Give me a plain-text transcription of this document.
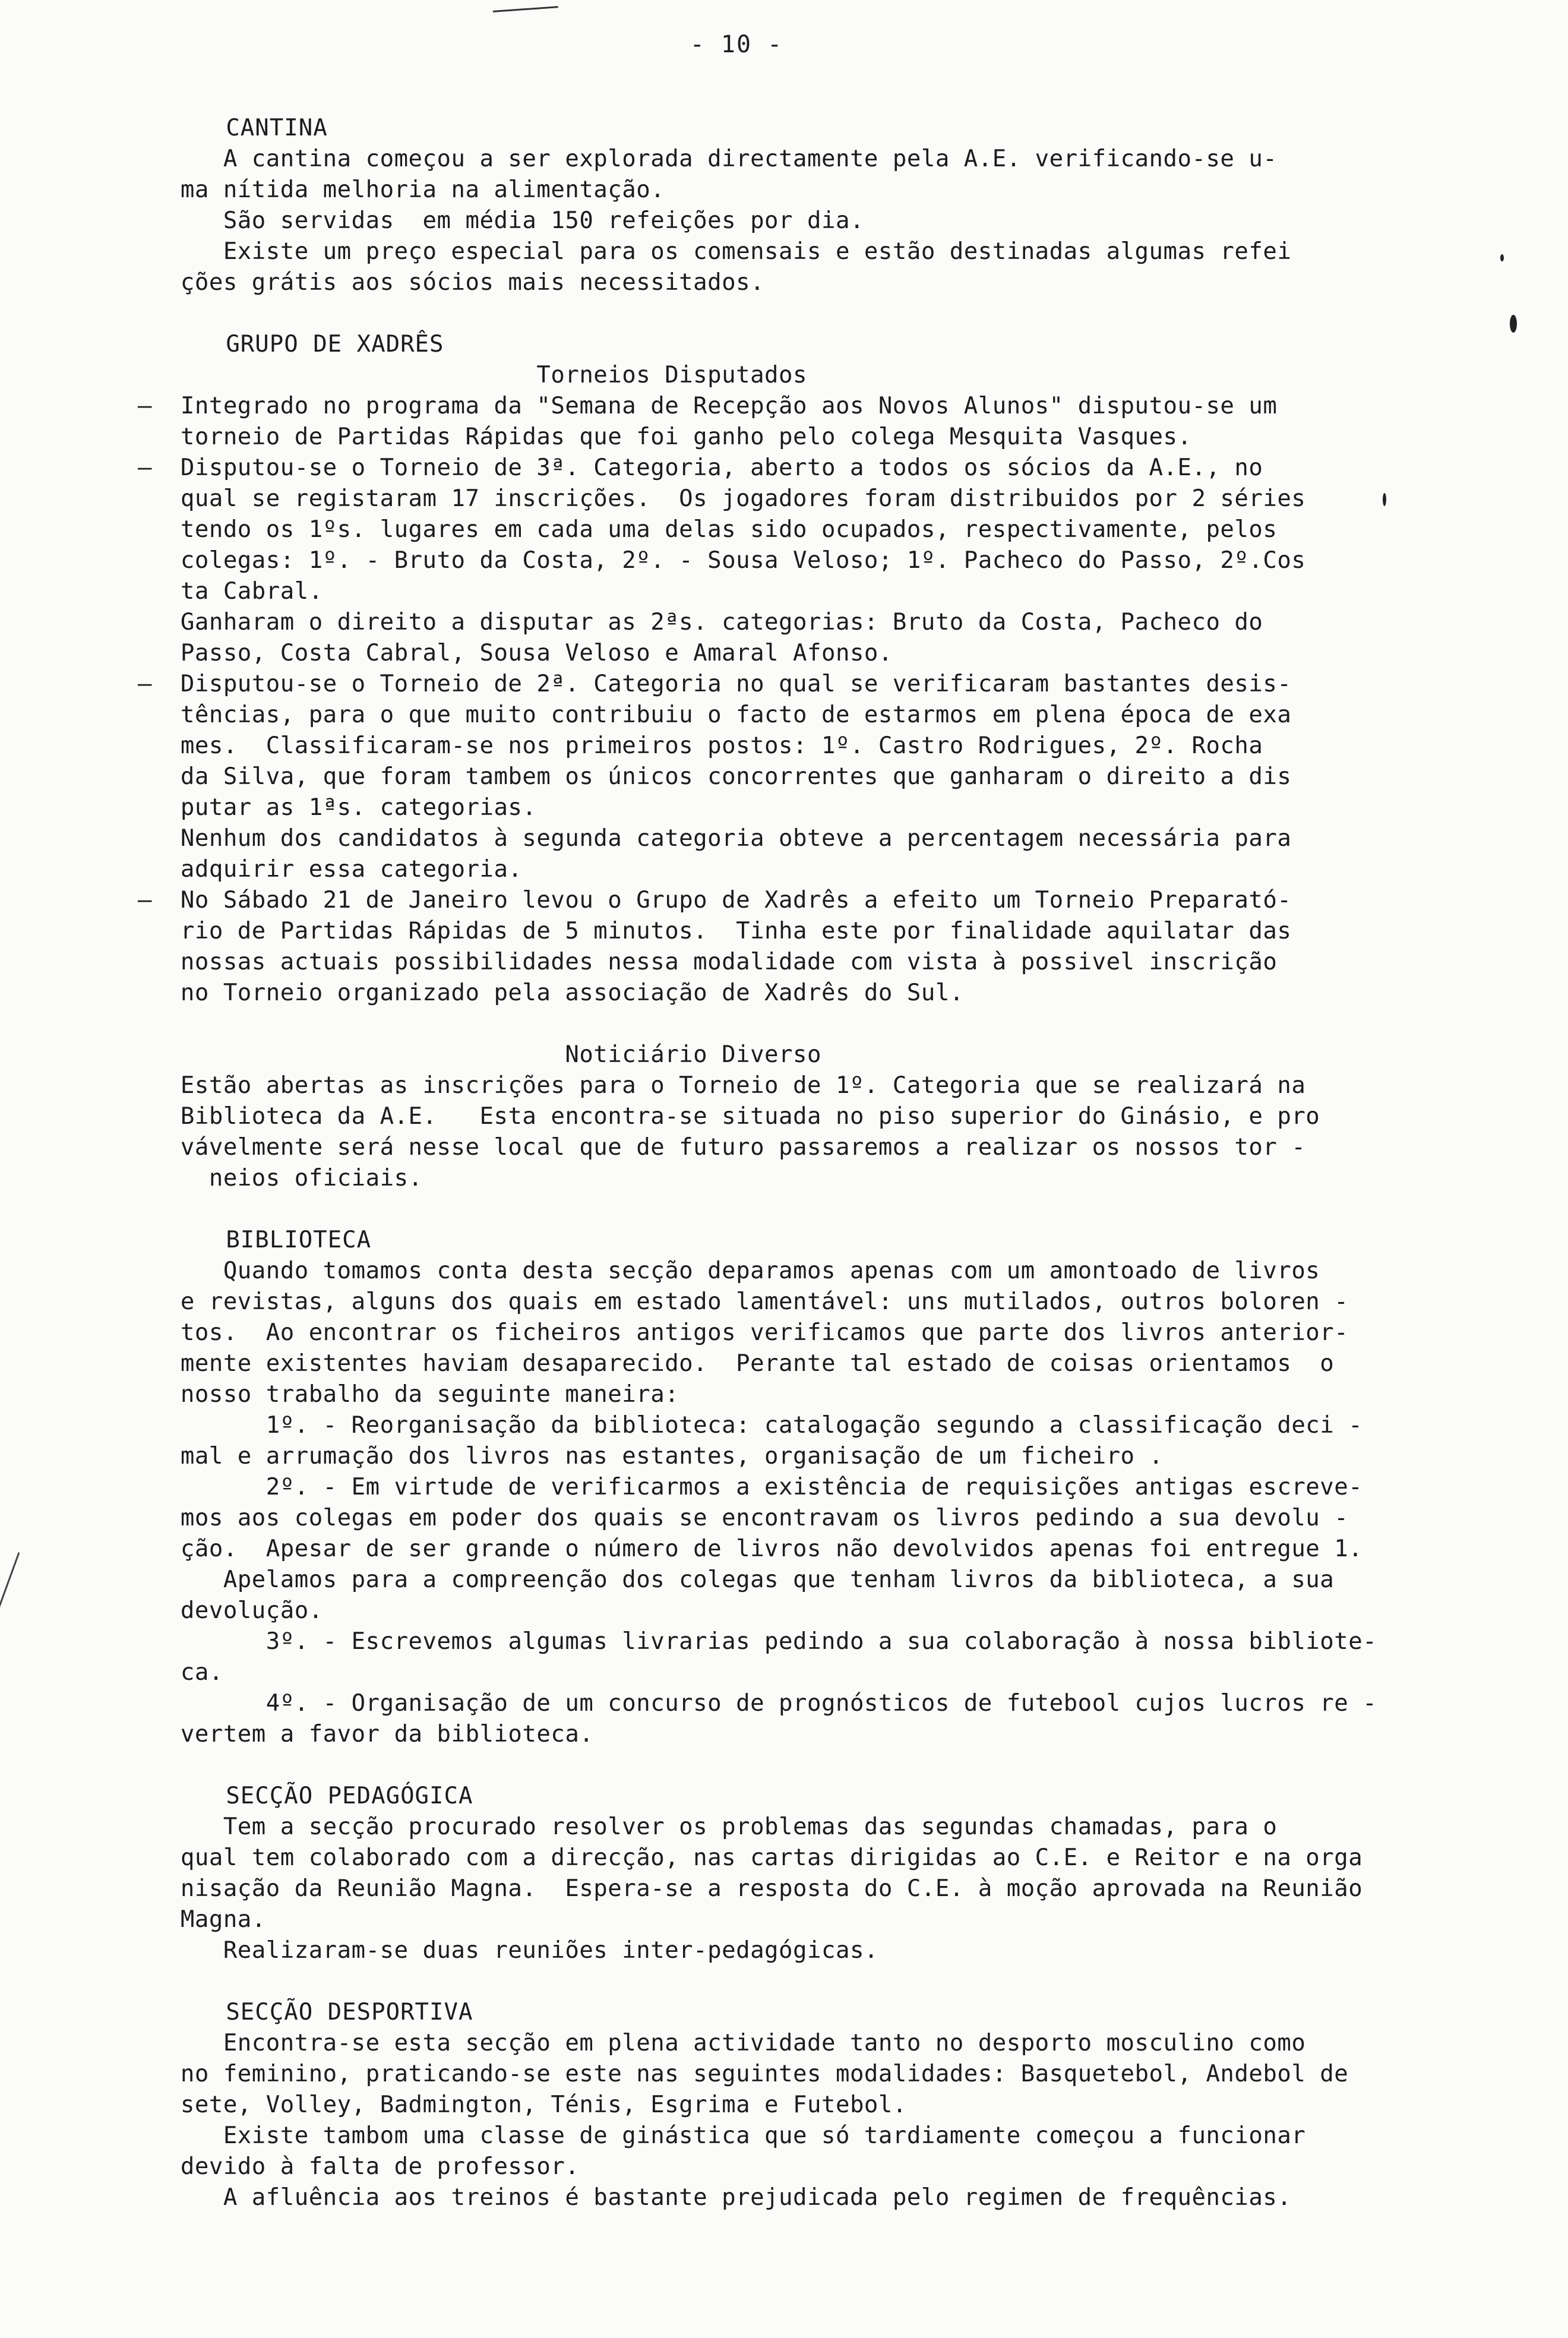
- 10 -
CANTINA
A cantina começou a ser explorada directamente pela A.E. verificando-se u-
ma nítida melhoria na alimentação.
São servidas  em média 150 refeições por dia.
Existe um preço especial para os comensais e estão destinadas algumas refei
ções grátis aos sócios mais necessitados.
GRUPO DE XADRÊS
Torneios Disputados
—  Integrado no programa da "Semana de Recepção aos Novos Alunos" disputou-se um
torneio de Partidas Rápidas que foi ganho pelo colega Mesquita Vasques.
—  Disputou-se o Torneio de 3ª. Categoria, aberto a todos os sócios da A.E., no
qual se registaram 17 inscrições.  Os jogadores foram distribuidos por 2 séries
tendo os 1ºs. lugares em cada uma delas sido ocupados, respectivamente, pelos
colegas: 1º. - Bruto da Costa, 2º. - Sousa Veloso; 1º. Pacheco do Passo, 2º.Cos
ta Cabral.
Ganharam o direito a disputar as 2ªs. categorias: Bruto da Costa, Pacheco do
Passo, Costa Cabral, Sousa Veloso e Amaral Afonso.
—  Disputou-se o Torneio de 2ª. Categoria no qual se verificaram bastantes desis-
tências, para o que muito contribuiu o facto de estarmos em plena época de exa
mes.  Classificaram-se nos primeiros postos: 1º. Castro Rodrigues, 2º. Rocha
da Silva, que foram tambem os únicos concorrentes que ganharam o direito a dis
putar as 1ªs. categorias.
Nenhum dos candidatos à segunda categoria obteve a percentagem necessária para
adquirir essa categoria.
—  No Sábado 21 de Janeiro levou o Grupo de Xadrês a efeito um Torneio Preparató-
rio de Partidas Rápidas de 5 minutos.  Tinha este por finalidade aquilatar das
nossas actuais possibilidades nessa modalidade com vista à possivel inscrição
no Torneio organizado pela associação de Xadrês do Sul.
Noticiário Diverso
Estão abertas as inscrições para o Torneio de 1º. Categoria que se realizará na
Biblioteca da A.E.   Esta encontra-se situada no piso superior do Ginásio, e pro
vávelmente será nesse local que de futuro passaremos a realizar os nossos tor -
neios oficiais.
BIBLIOTECA
Quando tomamos conta desta secção deparamos apenas com um amontoado de livros
e revistas, alguns dos quais em estado lamentável: uns mutilados, outros boloren -
tos.  Ao encontrar os ficheiros antigos verificamos que parte dos livros anterior-
mente existentes haviam desaparecido.  Perante tal estado de coisas orientamos  o
nosso trabalho da seguinte maneira:
1º. - Reorganisação da biblioteca: catalogação segundo a classificação deci -
mal e arrumação dos livros nas estantes, organisação de um ficheiro .
2º. - Em virtude de verificarmos a existência de requisições antigas escreve-
mos aos colegas em poder dos quais se encontravam os livros pedindo a sua devolu -
ção.  Apesar de ser grande o número de livros não devolvidos apenas foi entregue 1.
Apelamos para a compreenção dos colegas que tenham livros da biblioteca, a sua
devolução.
3º. - Escrevemos algumas livrarias pedindo a sua colaboração à nossa bibliote-
ca.
4º. - Organisação de um concurso de prognósticos de futebool cujos lucros re -
vertem a favor da biblioteca.
SECÇÃO PEDAGÓGICA
Tem a secção procurado resolver os problemas das segundas chamadas, para o
qual tem colaborado com a direcção, nas cartas dirigidas ao C.E. e Reitor e na orga
nisação da Reunião Magna.  Espera-se a resposta do C.E. à moção aprovada na Reunião
Magna.
Realizaram-se duas reuniões inter-pedagógicas.
SECÇÃO DESPORTIVA
Encontra-se esta secção em plena actividade tanto no desporto mosculino como
no feminino, praticando-se este nas seguintes modalidades: Basquetebol, Andebol de
sete, Volley, Badmington, Ténis, Esgrima e Futebol.
Existe tambom uma classe de ginástica que só tardiamente começou a funcionar
devido à falta de professor.
A afluência aos treinos é bastante prejudicada pelo regimen de frequências.
